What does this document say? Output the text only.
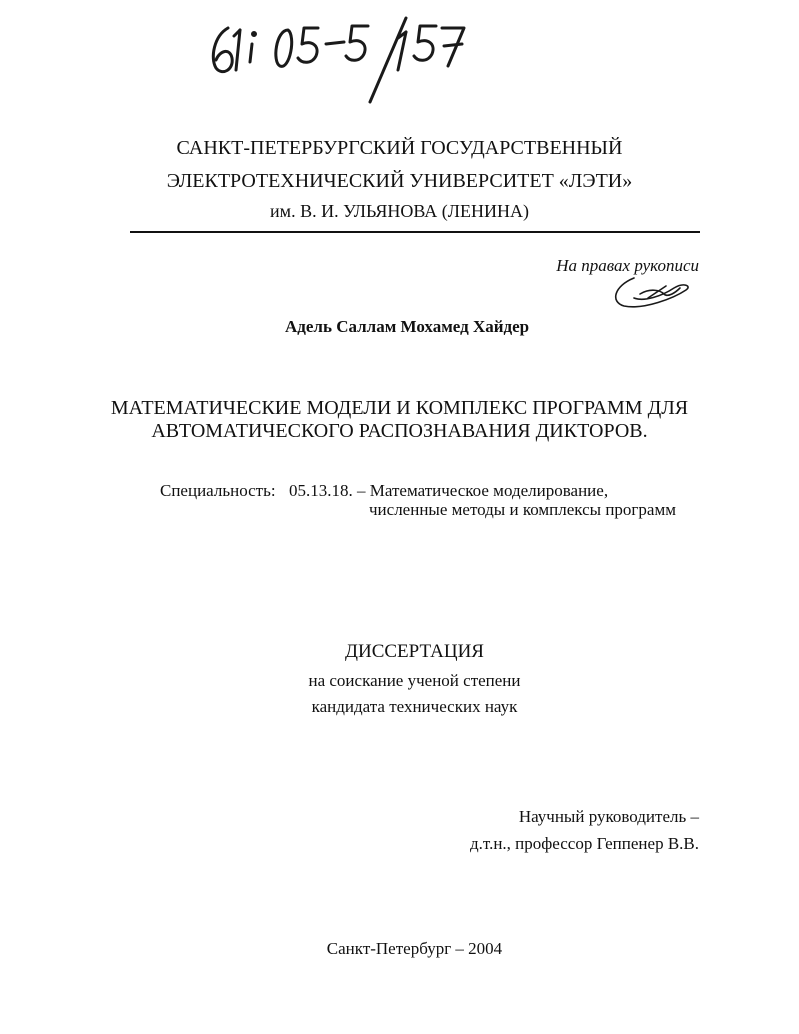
САНКТ-ПЕТЕРБУРГСКИЙ ГОСУДАРСТВЕННЫЙ
ЭЛЕКТРОТЕХНИЧЕСКИЙ УНИВЕРСИТЕТ «ЛЭТИ»
им. В. И. УЛЬЯНОВА (ЛЕНИНА)
На правах рукописи
Адель Саллам Мохамед Хайдер
МАТЕМАТИЧЕСКИЕ МОДЕЛИ И КОМПЛЕКС ПРОГРАММ ДЛЯ
АВТОМАТИЧЕСКОГО РАСПОЗНАВАНИЯ ДИКТОРОВ.
Специальность: 05.13.18. – Математическое моделирование,
численные методы и комплексы программ
ДИССЕРТАЦИЯ
на соискание ученой степени
кандидата технических наук
Научный руководитель –
д.т.н., профессор Геппенер В.В.
Санкт-Петербург – 2004
